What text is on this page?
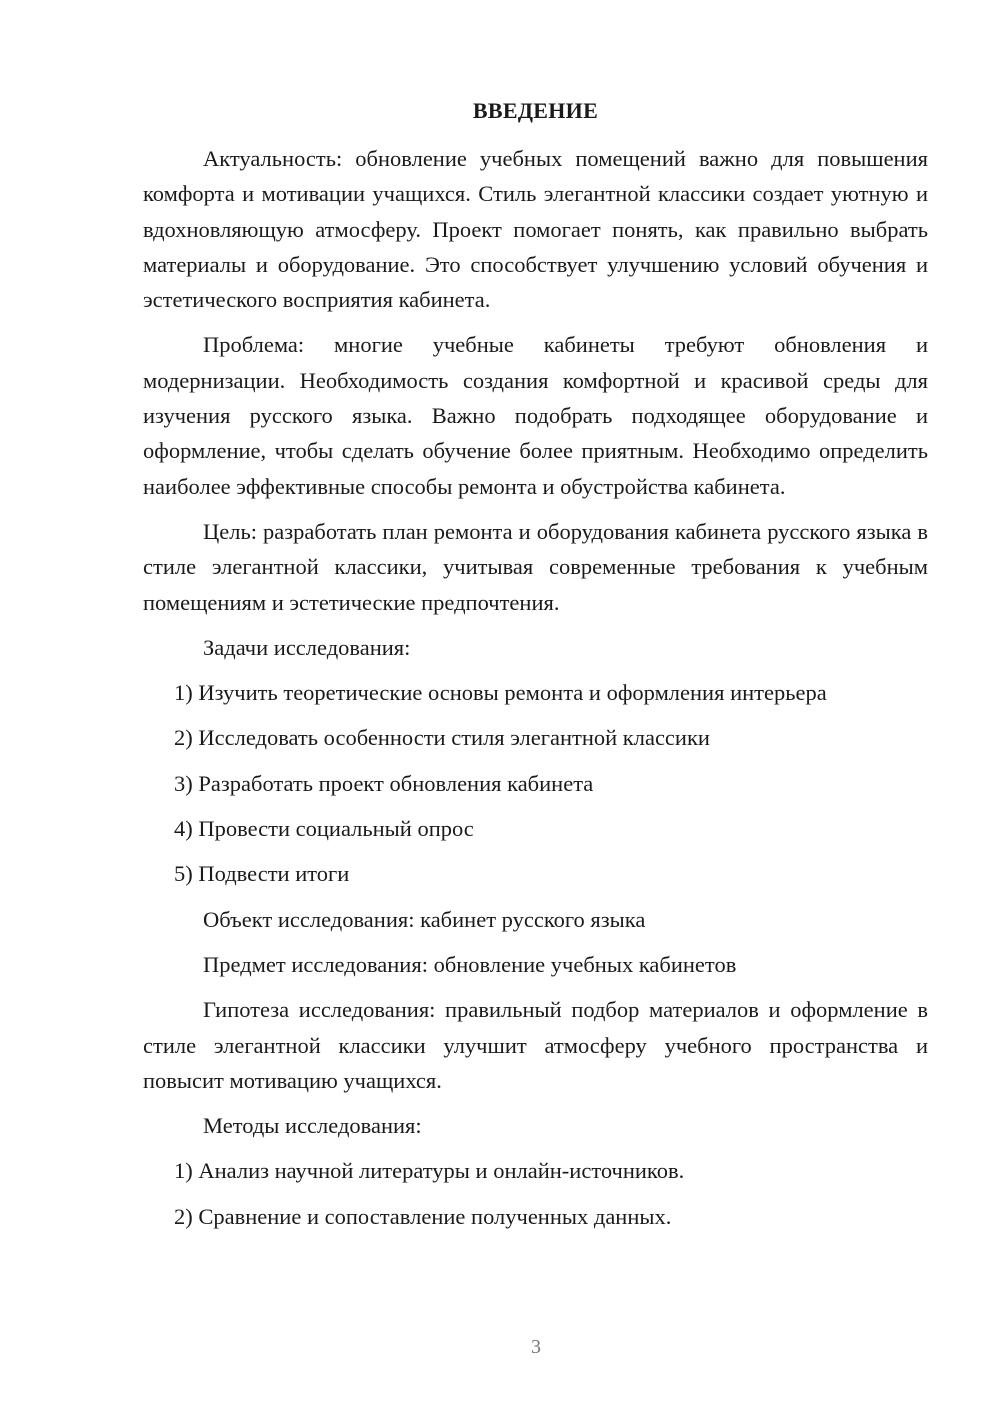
ВВЕДЕНИЕ

Актуальность: обновление учебных помещений важно для повышения комфорта и мотивации учащихся. Стиль элегантной классики создает уютную и вдохновляющую атмосферу. Проект помогает понять, как правильно выбрать материалы и оборудование. Это способствует улучшению условий обучения и эстетического восприятия кабинета.

Проблема: многие учебные кабинеты требуют обновления и модернизации. Необходимость создания комфортной и красивой среды для изучения русского языка. Важно подобрать подходящее оборудование и оформление, чтобы сделать обучение более приятным. Необходимо определить наиболее эффективные способы ремонта и обустройства кабинета.

Цель: разработать план ремонта и оборудования кабинета русского языка в стиле элегантной классики, учитывая современные требования к учебным помещениям и эстетические предпочтения.

Задачи исследования:

1) Изучить теоретические основы ремонта и оформления интерьера

2) Исследовать особенности стиля элегантной классики

3) Разработать проект обновления кабинета

4) Провести социальный опрос

5) Подвести итоги

Объект исследования: кабинет русского языка

Предмет исследования: обновление учебных кабинетов

Гипотеза исследования: правильный подбор материалов и оформление в стиле элегантной классики улучшит атмосферу учебного пространства и повысит мотивацию учащихся.

Методы исследования:

1) Анализ научной литературы и онлайн-источников.

2) Сравнение и сопоставление полученных данных.

3
